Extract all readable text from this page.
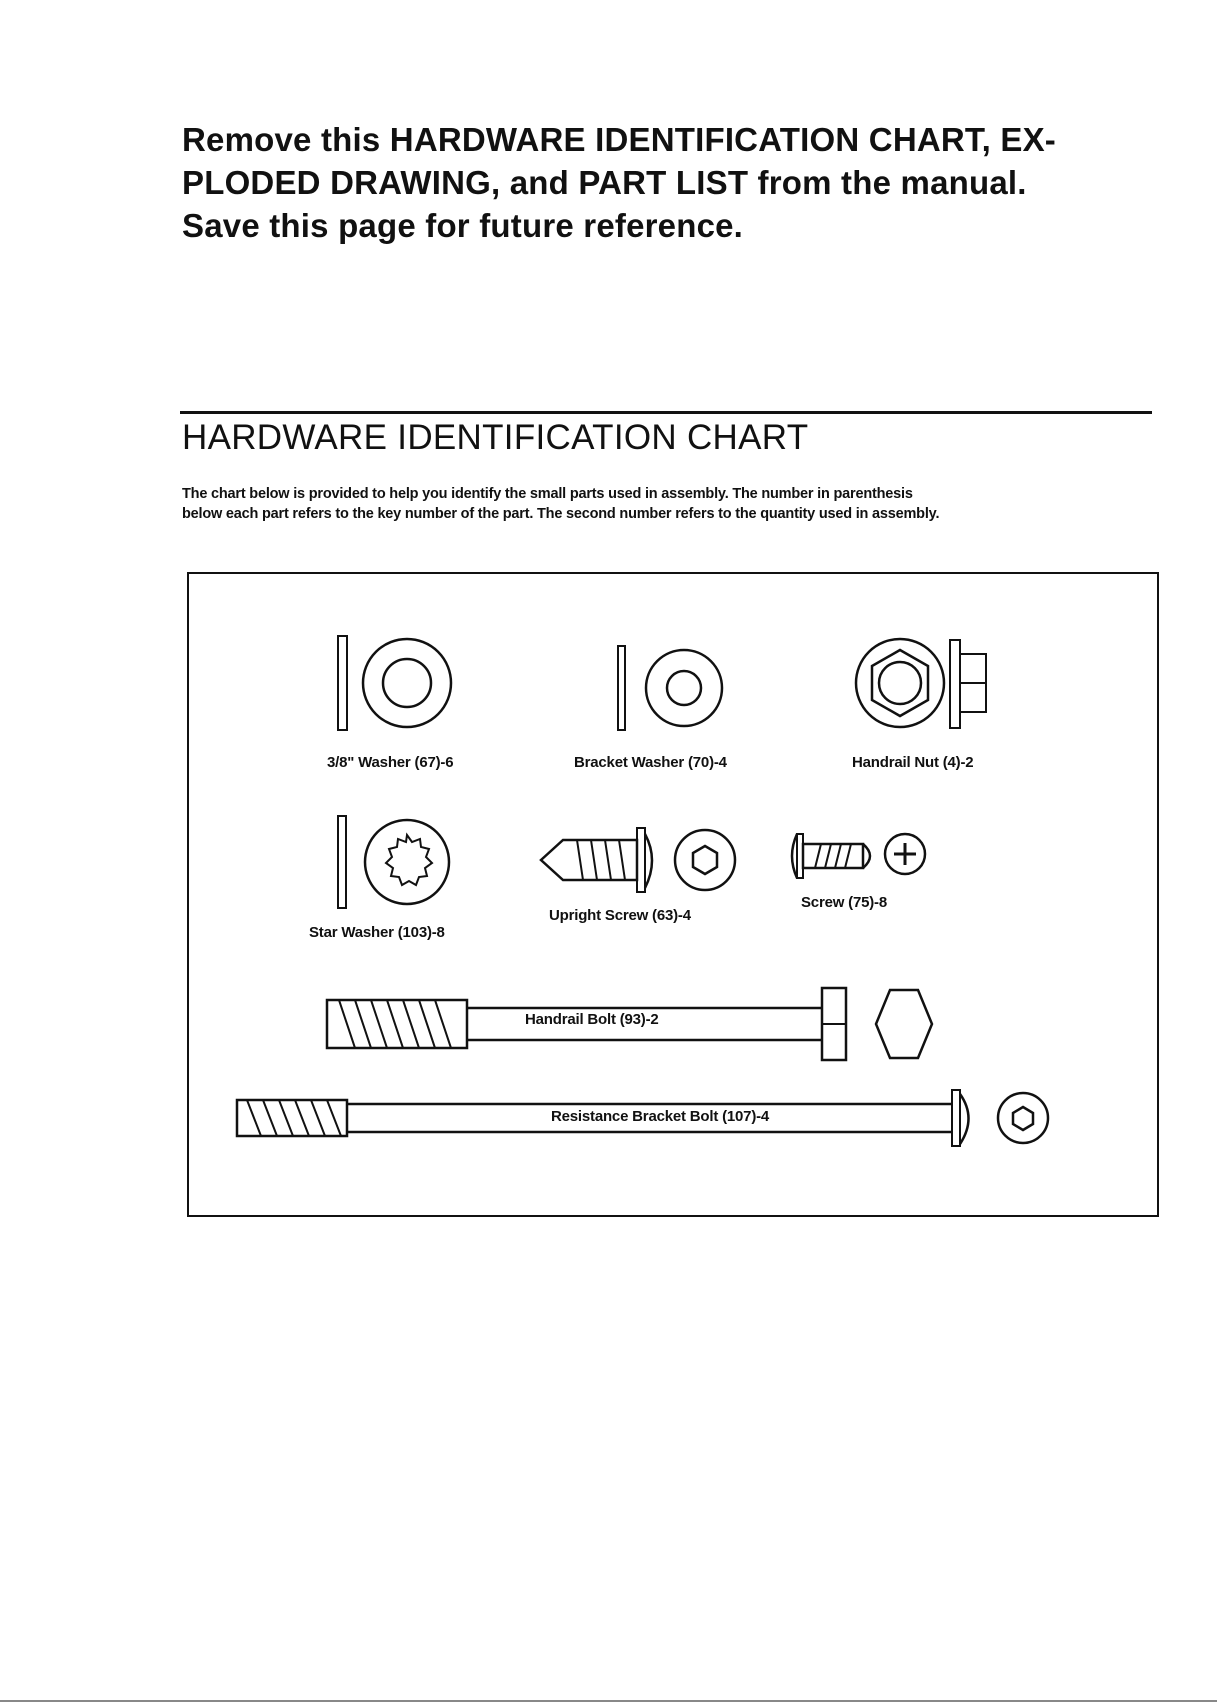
Remove this HARDWARE IDENTIFICATION CHART, EX-
PLODED DRAWING, and PART LIST from the manual.
Save this page for future reference.
HARDWARE IDENTIFICATION CHART
The chart below is provided to help you identify the small parts used in assembly. The number in parenthesis
below each part refers to the key number of the part. The second number refers to the quantity used in assembly.
3/8" Washer (67)-6	Bracket Washer (70)-4	Handrail Nut (4)-2
Star Washer (103)-8
Upright Screw (63)-4
Screw (75)-8
Handrail Bolt (93)-2
Resistance Bracket Bolt (107)-4
